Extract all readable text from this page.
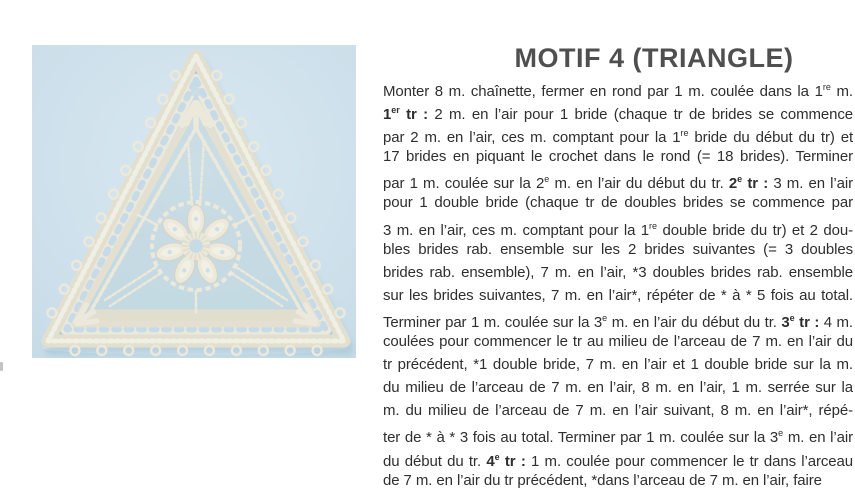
MOTIF 4 (TRIANGLE)
Monter 8 m. chaînette, fermer en rond par 1 m. coulée dans la 1re m.
1er tr : 2 m. en l’air pour 1 bride (chaque tr de brides se commence
par 2 m. en l’air, ces m. comptant pour la 1re bride du début du tr) et
17 brides en piquant le crochet dans le rond (= 18 brides). Terminer
par 1 m. coulée sur la 2e m. en l’air du début du tr. 2e tr : 3 m. en l’air
pour 1 double bride (chaque tr de doubles brides se commence par
3 m. en l’air, ces m. comptant pour la 1re double bride du tr) et 2 dou-
bles brides rab. ensemble sur les 2 brides suivantes (= 3 doubles
brides rab. ensemble), 7 m. en l’air, *3 doubles brides rab. ensemble
sur les brides suivantes, 7 m. en l’air*, répéter de * à * 5 fois au total.
Terminer par 1 m. coulée sur la 3e m. en l’air du début du tr. 3e tr : 4 m.
coulées pour commencer le tr au milieu de l’arceau de 7 m. en l’air du
tr précédent, *1 double bride, 7 m. en l’air et 1 double bride sur la m.
du milieu de l’arceau de 7 m. en l’air, 8 m. en l’air, 1 m. serrée sur la
m. du milieu de l’arceau de 7 m. en l’air suivant, 8 m. en l’air*, répé-
ter de * à * 3 fois au total. Terminer par 1 m. coulée sur la 3e m. en l’air
du début du tr. 4e tr : 1 m. coulée pour commencer le tr dans l’arceau
de 7 m. en l’air du tr précédent, *dans l’arceau de 7 m. en l’air, faire
